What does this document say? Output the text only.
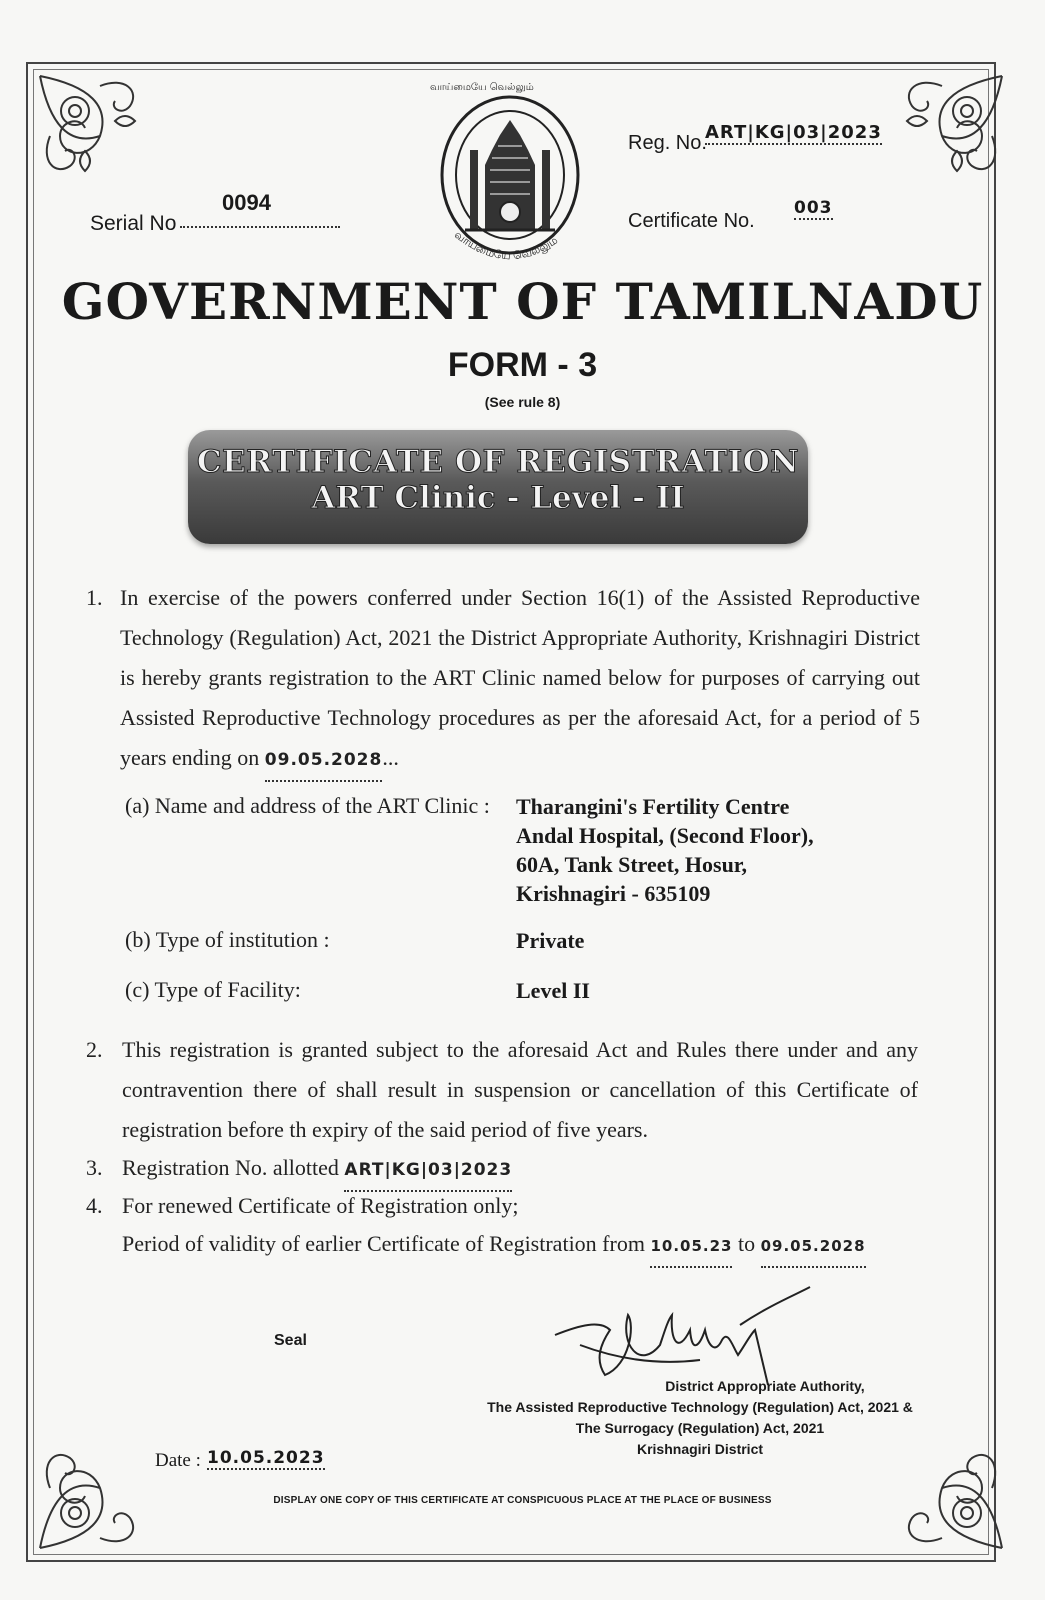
Serial No
0094
Reg. No.
ART|KG|03|2023
Certificate No.
003
வாய்மையே வெல்லும்
வாய்மையே வெல்லும்
GOVERNMENT OF TAMILNADU
FORM - 3
(See rule 8)
CERTIFICATE OF REGISTRATION
ART Clinic - Level - II
1. In exercise of the powers conferred under Section 16(1) of the Assisted Reproductive Technology (Regulation) Act, 2021 the District Appropriate Authority, Krishnagiri District is hereby grants registration to the ART Clinic named below for purposes of carrying out Assisted Reproductive Technology procedures as per the aforesaid Act, for a period of 5 years ending on 09.05.2028...
(a) Name and address of the ART Clinic : Tharangini's Fertility Centre
Andal Hospital, (Second Floor),
60A, Tank Street, Hosur,
Krishnagiri - 635109
(b) Type of institution :	Private
(c) Type of Facility:	Level II
2. This registration is granted subject to the aforesaid Act and Rules there under and any contravention there of shall result in suspension or cancellation of this Certificate of registration before th expiry of the said period of five years.
3. Registration No. allotted ART|KG|03|2023
4. For renewed Certificate of Registration only;
Period of validity of earlier Certificate of Registration from 10.05.23 to 09.05.2028
Seal
Date : 10.05.2023
District Appropriate Authority,
The Assisted Reproductive Technology (Regulation) Act, 2021 &
The Surrogacy (Regulation) Act, 2021
Krishnagiri District
DISPLAY ONE COPY OF THIS CERTIFICATE AT CONSPICUOUS PLACE AT THE PLACE OF BUSINESS
